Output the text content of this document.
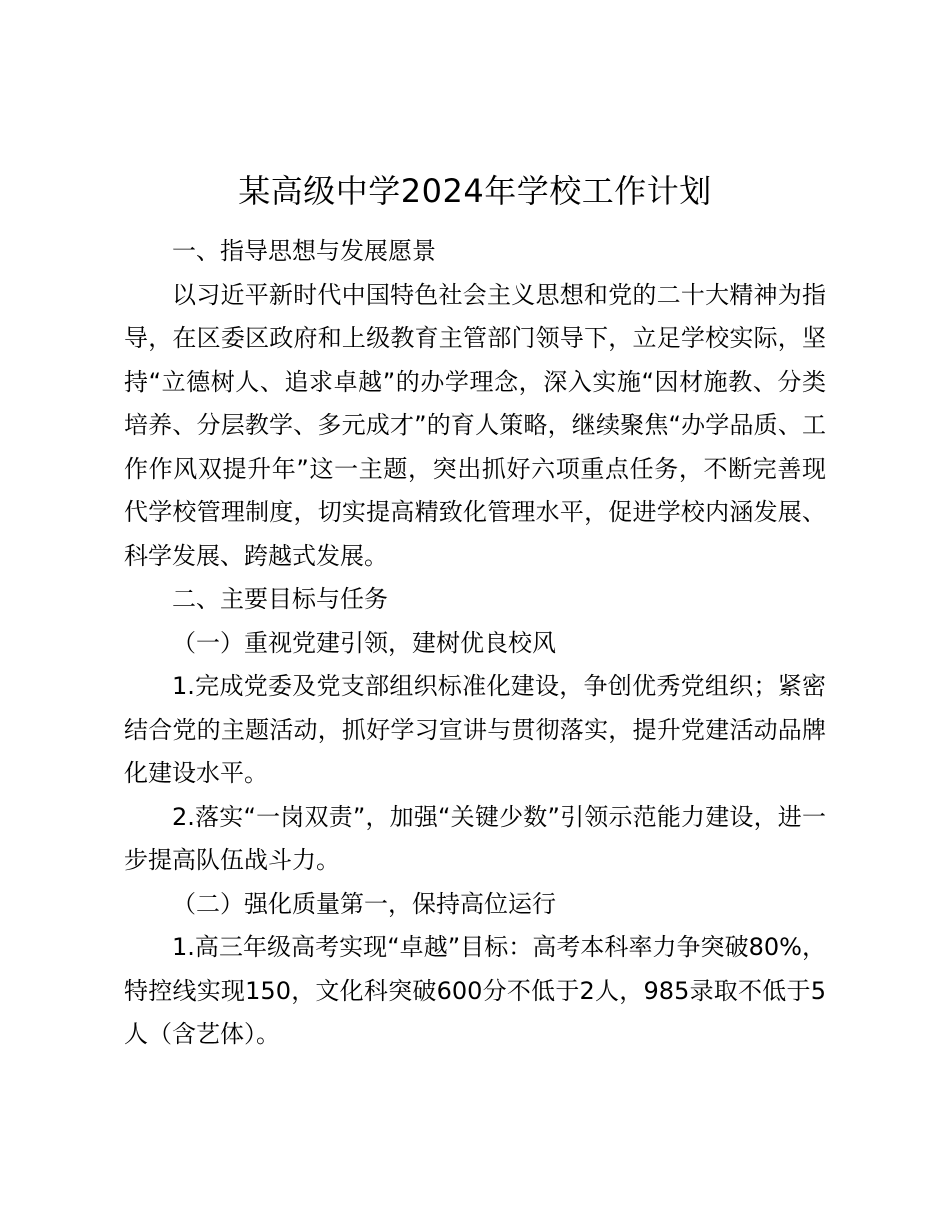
某高级中学2024年学校工作计划

一、指导思想与发展愿景

以习近平新时代中国特色社会主义思想和党的二十大精神为指导，在区委区政府和上级教育主管部门领导下，立足学校实际，坚持“立德树人、追求卓越”的办学理念，深入实施“因材施教、分类培养、分层教学、多元成才”的育人策略，继续聚焦“办学品质、工作作风双提升年”这一主题，突出抓好六项重点任务，不断完善现代学校管理制度，切实提高精致化管理水平，促进学校内涵发展、科学发展、跨越式发展。

二、主要目标与任务

（一）重视党建引领，建树优良校风

1.完成党委及党支部组织标准化建设，争创优秀党组织；紧密结合党的主题活动，抓好学习宣讲与贯彻落实，提升党建活动品牌化建设水平。

2.落实“一岗双责”，加强“关键少数”引领示范能力建设，进一步提高队伍战斗力。

（二）强化质量第一，保持高位运行

1.高三年级高考实现“卓越”目标：高考本科率力争突破80%，特控线实现150，文化科突破600分不低于2人，985录取不低于5人（含艺体）。
